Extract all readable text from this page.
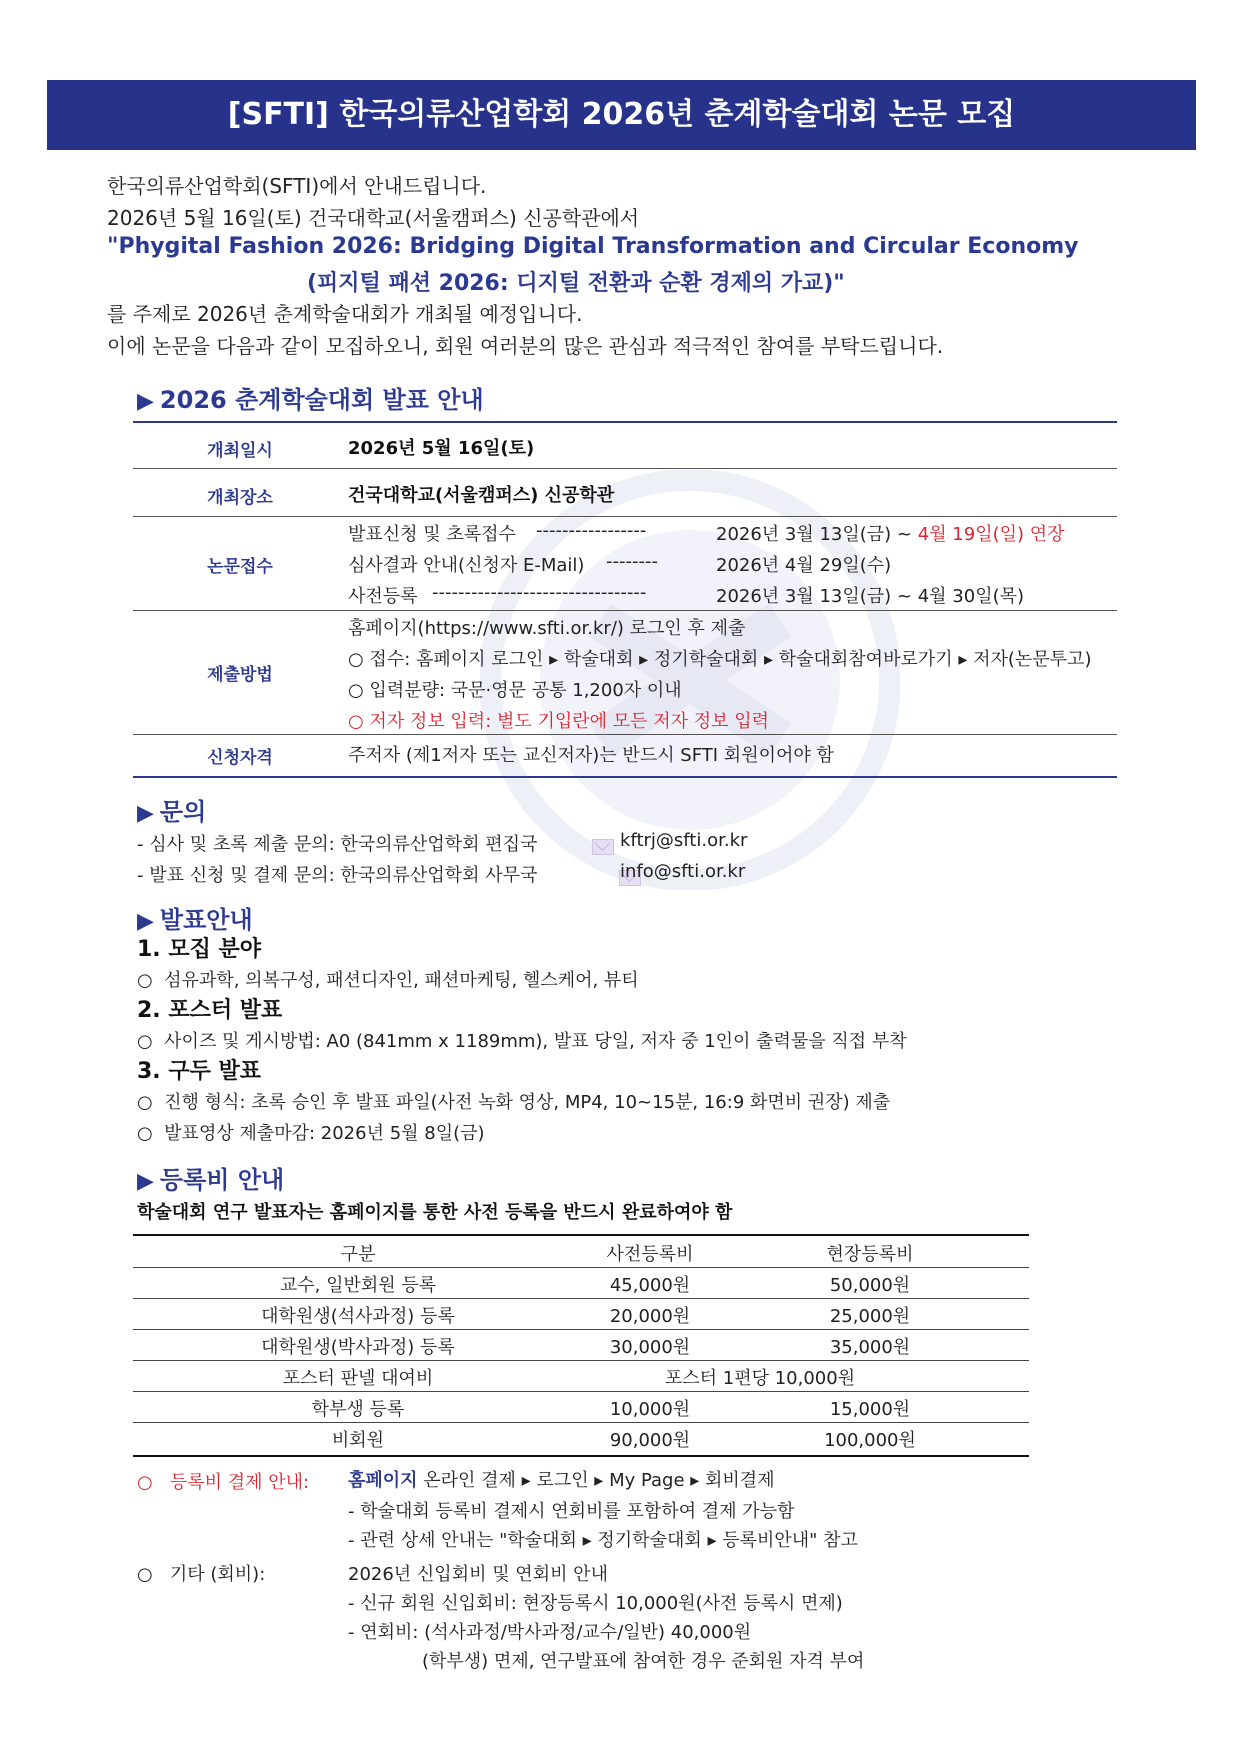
[SFTI] 한국의류산업학회 2026년 춘계학술대회 논문 모집
한국의류산업학회(SFTI)에서 안내드립니다.
2026년 5월 16일(토) 건국대학교(서울캠퍼스) 신공학관에서
"Phygital Fashion 2026: Bridging Digital Transformation and Circular Economy
(피지털 패션 2026: 디지털 전환과 순환 경제의 가교)"
를 주제로 2026년 춘계학술대회가 개최될 예정입니다.
이에 논문을 다음과 같이 모집하오니, 회원 여러분의 많은 관심과 적극적인 참여를 부탁드립니다.
▶ 2026 춘계학술대회 발표 안내
개최일시	2026년 5월 16일(토)
개최장소	건국대학교(서울캠퍼스) 신공학관
논문접수
발표신청 및 초록접수 -----------------	2026년 3월 13일(금) ~ 4월 19일(일) 연장
심사결과 안내(신청자 E-Mail) --------	2026년 4월 29일(수)
사전등록 ---------------------------------	2026년 3월 13일(금) ~ 4월 30일(목)
제출방법
홈페이지(https://www.sfti.or.kr/) 로그인 후 제출
○ 접수: 홈페이지 로그인 ▸ 학술대회 ▸ 정기학술대회 ▸ 학술대회참여바로가기 ▸ 저자(논문투고)
○ 입력분량: 국문·영문 공통 1,200자 이내
○ 저자 정보 입력: 별도 기입란에 모든 저자 정보 입력
신청자격	주저자 (제1저자 또는 교신저자)는 반드시 SFTI 회원이어야 함
▶ 문의
- 심사 및 초록 제출 문의: 한국의류산업학회 편집국
	kftrj@sfti.or.kr
- 발표 신청 및 결제 문의: 한국의류산업학회 사무국	info@sfti.or.kr
▶ 발표안내
1. 모집 분야
○ 섬유과학, 의복구성, 패션디자인, 패션마케팅, 헬스케어, 뷰티
2. 포스터 발표
○ 사이즈 및 게시방법: A0 (841mm x 1189mm), 발표 당일, 저자 중 1인이 출력물을 직접 부착
3. 구두 발표
○ 진행 형식: 초록 승인 후 발표 파일(사전 녹화 영상, MP4, 10~15분, 16:9 화면비 권장) 제출
○ 발표영상 제출마감: 2026년 5월 8일(금)
▶ 등록비 안내
학술대회 연구 발표자는 홈페이지를 통한 사전 등록을 반드시 완료하여야 함
구분	사전등록비	현장등록비
교수, 일반회원 등록	45,000원	50,000원
대학원생(석사과정) 등록	20,000원	25,000원
대학원생(박사과정) 등록	30,000원	35,000원
포스터 판넬 대여비	포스터 1편당 10,000원
학부생 등록	10,000원	15,000원
비회원	90,000원	100,000원
○ 등록비 결제 안내: 홈페이지 온라인 결제 ▸ 로그인 ▸ My Page ▸ 회비결제
- 학술대회 등록비 결제시 연회비를 포함하여 결제 가능함
- 관련 상세 안내는 "학술대회 ▸ 정기학술대회 ▸ 등록비안내" 참고
○ 기타 (회비):	2026년 신입회비 및 연회비 안내
- 신규 회원 신입회비: 현장등록시 10,000원(사전 등록시 면제)
- 연회비: (석사과정/박사과정/교수/일반) 40,000원
(학부생) 면제, 연구발표에 참여한 경우 준회원 자격 부여
